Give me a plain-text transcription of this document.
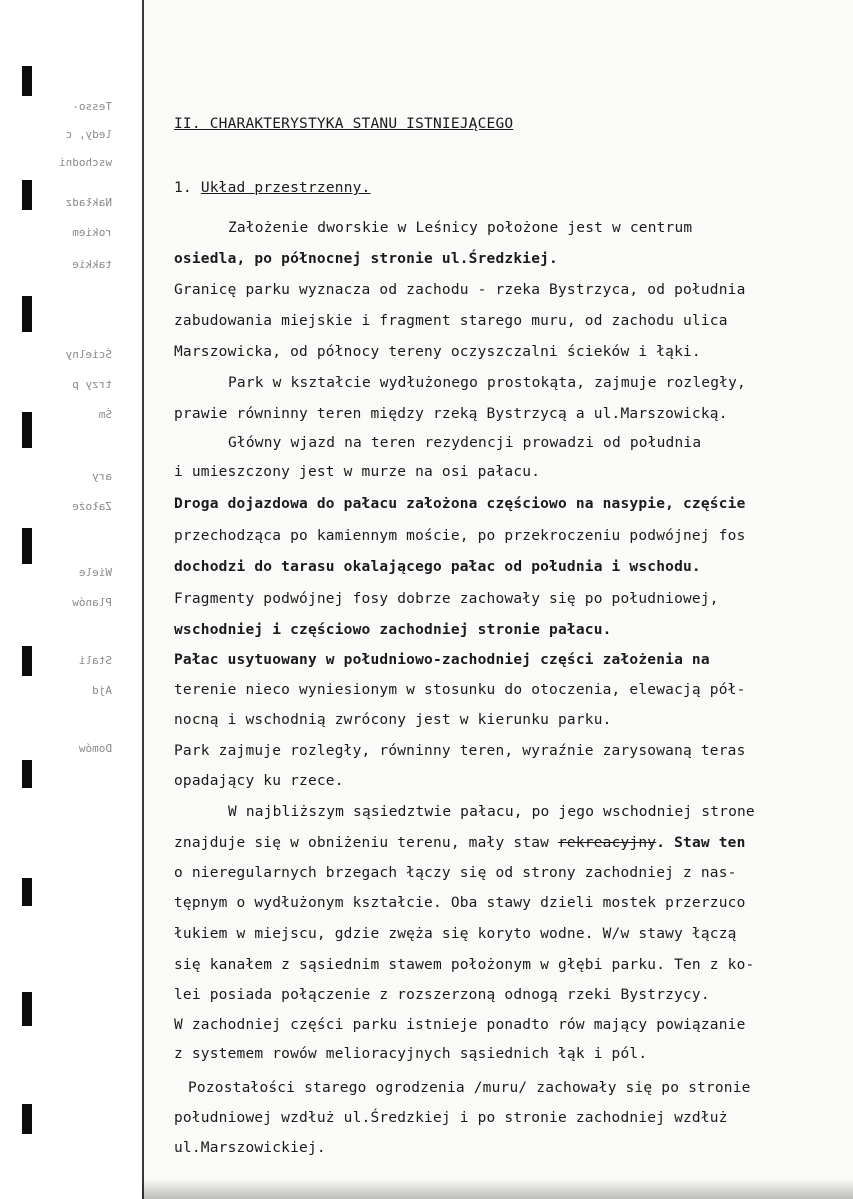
Tesso-
ledy, c
wschodni
Nakładz
rokiem
takkie
Ścielny
trzy p
Śm
ary
Założe
Wiele
Planów
Stali
Ajd
Domów
II. CHARAKTERYSTYKA STANU ISTNIEJĄCEGO
1. Układ przestrzenny.
Założenie dworskie w Leśnicy położone jest w centrum
osiedla, po północnej stronie ul.Średzkiej.
Granicę parku wyznacza od zachodu - rzeka Bystrzyca, od południa
zabudowania miejskie i fragment starego muru, od zachodu ulica
Marszowicka, od północy tereny oczyszczalni ścieków i łąki.
Park w kształcie wydłużonego prostokąta, zajmuje rozległy,
prawie równinny teren między rzeką Bystrzycą a ul.Marszowicką.
Główny wjazd na teren rezydencji prowadzi od południa
i umieszczony jest w murze na osi pałacu.
Droga dojazdowa do pałacu założona częściowo na nasypie, częście
przechodząca po kamiennym moście, po przekroczeniu podwójnej fos
dochodzi do tarasu okalającego pałac od południa i wschodu.
Fragmenty podwójnej fosy dobrze zachowały się po południowej,
wschodniej i częściowo zachodniej stronie pałacu.
Pałac usytuowany w południowo-zachodniej części założenia na
terenie nieco wyniesionym w stosunku do otoczenia, elewacją pół-
nocną i wschodnią zwrócony jest w kierunku parku.
Park zajmuje rozległy, równinny teren, wyraźnie zarysowaną teras
opadający ku rzece.
W najbliższym sąsiedztwie pałacu, po jego wschodniej strone
znajduje się w obniżeniu terenu, mały staw rekreacyjny. Staw ten
o nieregularnych brzegach łączy się od strony zachodniej z nas-
tępnym o wydłużonym kształcie. Oba stawy dzieli mostek przerzuco
łukiem w miejscu, gdzie zwęża się koryto wodne. W/w stawy łączą
się kanałem z sąsiednim stawem położonym w głębi parku. Ten z ko-
lei posiada połączenie z rozszerzoną odnogą rzeki Bystrzycy.
W zachodniej części parku istnieje ponadto rów mający powiązanie
z systemem rowów melioracyjnych sąsiednich łąk i pól.
Pozostałości starego ogrodzenia /muru/ zachowały się po stronie
południowej wzdłuż ul.Średzkiej i po stronie zachodniej wzdłuż
ul.Marszowickiej.
